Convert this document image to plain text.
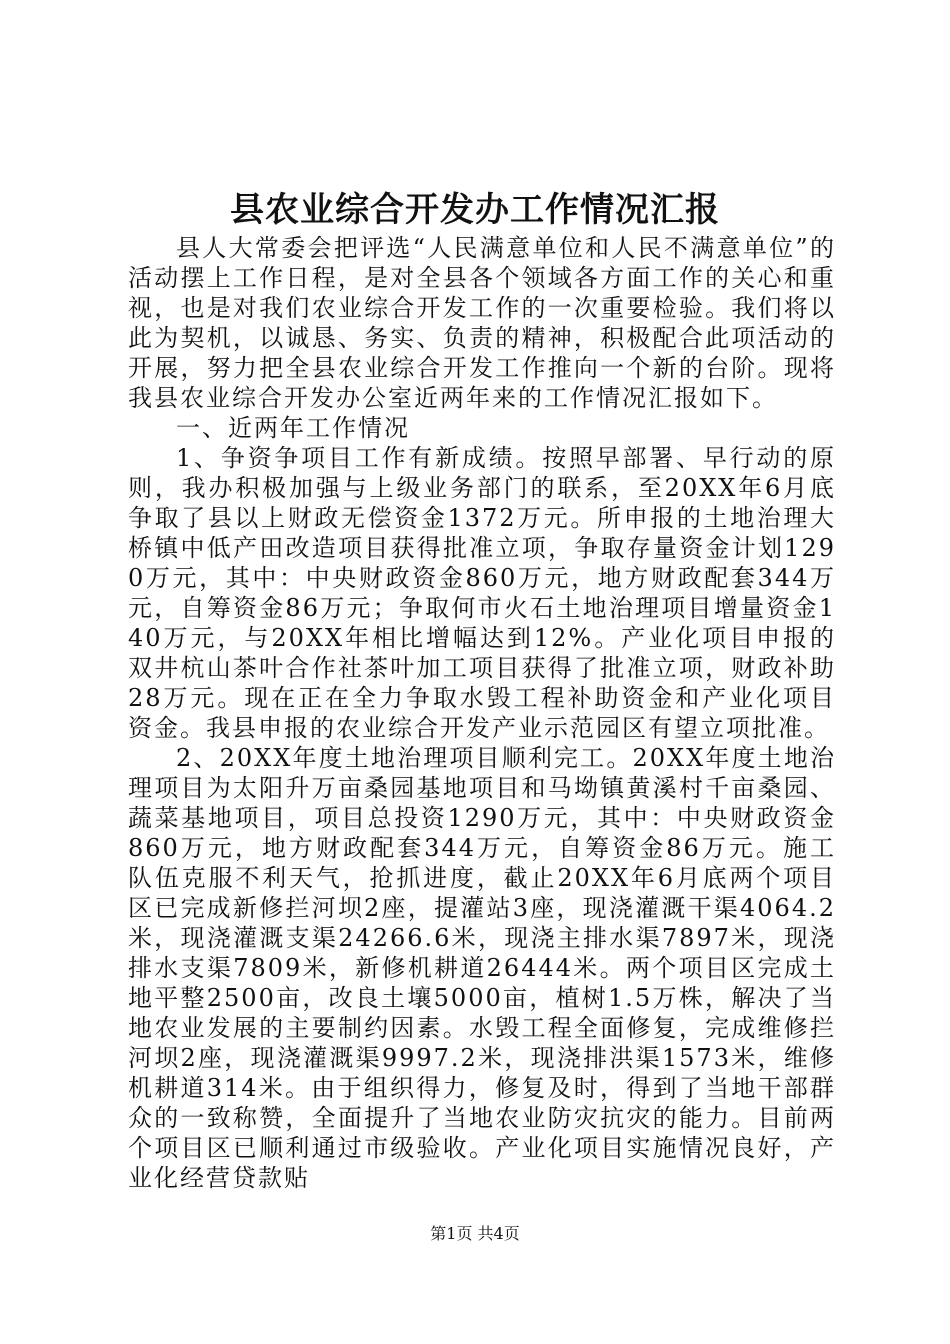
县农业综合开发办工作情况汇报

县人大常委会把评选“人民满意单位和人民不满意单位”的活动摆上工作日程，是对全县各个领域各方面工作的关心和重视，也是对我们农业综合开发工作的一次重要检验。我们将以此为契机，以诚恳、务实、负责的精神，积极配合此项活动的开展，努力把全县农业综合开发工作推向一个新的台阶。现将我县农业综合开发办公室近两年来的工作情况汇报如下。

一、近两年工作情况

1、争资争项目工作有新成绩。按照早部署、早行动的原则，我办积极加强与上级业务部门的联系，至20XX年6月底争取了县以上财政无偿资金1372万元。所申报的土地治理大桥镇中低产田改造项目获得批准立项，争取存量资金计划1290万元，其中：中央财政资金860万元，地方财政配套344万元，自筹资金86万元；争取何市火石土地治理项目增量资金140万元，与20XX年相比增幅达到12%。产业化项目申报的双井杭山茶叶合作社茶叶加工项目获得了批准立项，财政补助28万元。现在正在全力争取水毁工程补助资金和产业化项目资金。我县申报的农业综合开发产业示范园区有望立项批准。

2、20XX年度土地治理项目顺利完工。20XX年度土地治理项目为太阳升万亩桑园基地项目和马坳镇黄溪村千亩桑园、蔬菜基地项目，项目总投资1290万元，其中：中央财政资金860万元，地方财政配套344万元，自筹资金86万元。施工队伍克服不利天气，抢抓进度，截止20XX年6月底两个项目区已完成新修拦河坝2座，提灌站3座，现浇灌溉干渠4064.2米，现浇灌溉支渠24266.6米，现浇主排水渠7897米，现浇排水支渠7809米，新修机耕道26444米。两个项目区完成土地平整2500亩，改良土壤5000亩，植树1.5万株，解决了当地农业发展的主要制约因素。水毁工程全面修复，完成维修拦河坝2座，现浇灌溉渠9997.2米，现浇排洪渠1573米，维修机耕道314米。由于组织得力，修复及时，得到了当地干部群众的一致称赞，全面提升了当地农业防灾抗灾的能力。目前两个项目区已顺利通过市级验收。产业化项目实施情况良好，产业化经营贷款贴

第1页 共4页
